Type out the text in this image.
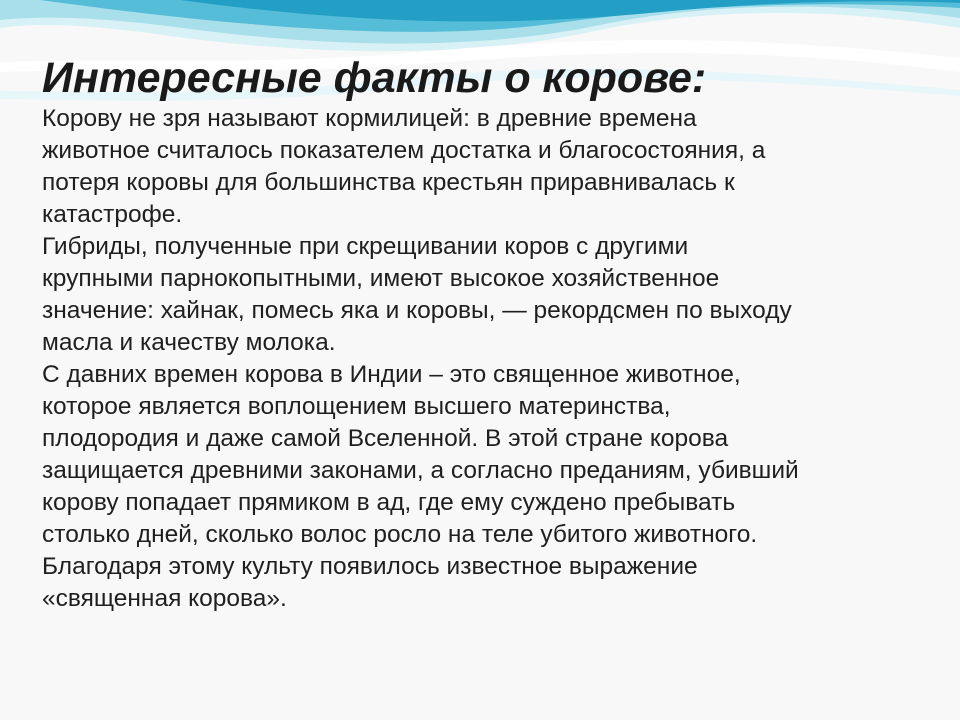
Интересные факты о корове:
Корову не зря называют кормилицей: в древние времена
животное считалось показателем достатка и благосостояния, а
потеря коровы для большинства крестьян приравнивалась к
катастрофе.
Гибриды, полученные при скрещивании коров с другими
крупными парнокопытными, имеют высокое хозяйственное
значение: хайнак, помесь яка и коровы, — рекордсмен по выходу
масла и качеству молока.
С давних времен корова в Индии – это священное животное,
которое является воплощением высшего материнства,
плодородия и даже самой Вселенной. В этой стране корова
защищается древними законами, а согласно преданиям, убивший
корову попадает прямиком в ад, где ему суждено пребывать
столько дней, сколько волос росло на теле убитого животного.
Благодаря этому культу появилось известное выражение
«священная корова».
